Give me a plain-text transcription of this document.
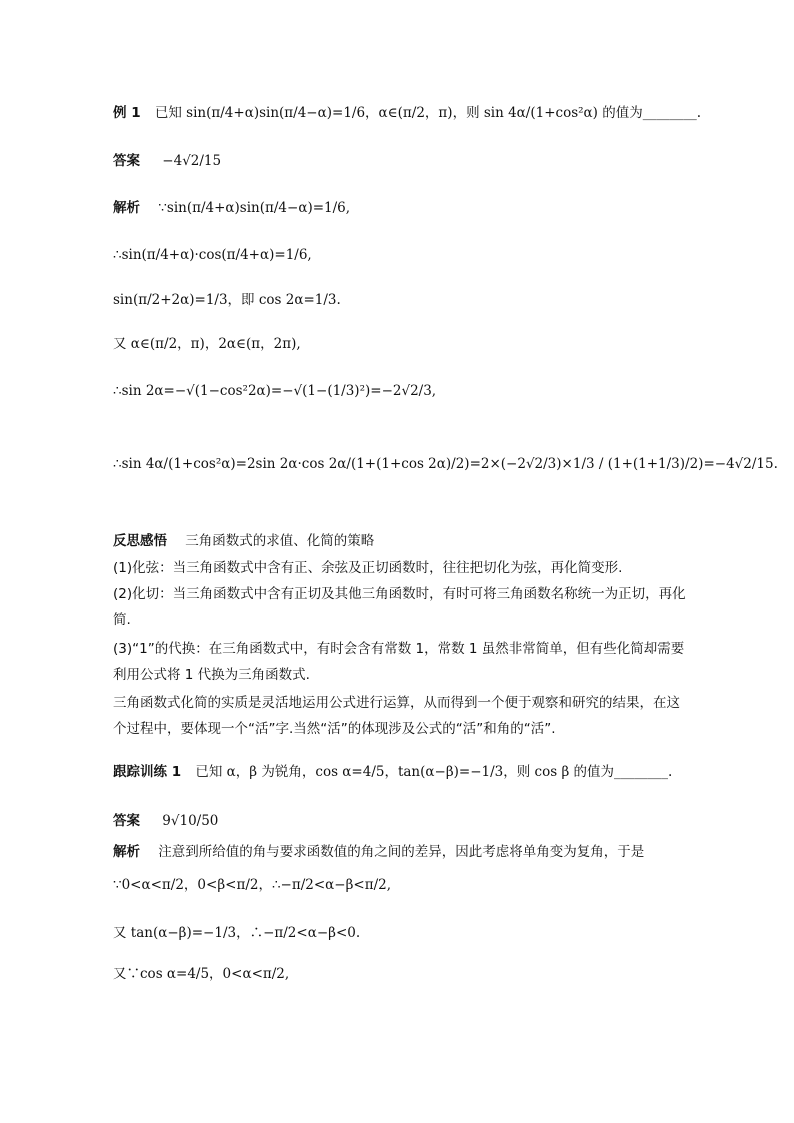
例 1 已知 sin(π/4+α)sin(π/4−α)=1/6，α∈(π/2，π)，则 sin 4α/(1+cos²α) 的值为________.
答案 −4√2/15
解析 ∵sin(π/4+α)sin(π/4−α)=1/6,
∴sin(π/4+α)·cos(π/4+α)=1/6,
sin(π/2+2α)=1/3，即 cos 2α=1/3.
又 α∈(π/2，π)，2α∈(π，2π),
∴sin 2α=−√(1−cos²2α)=−√(1−(1/3)²)=−2√2/3,
∴sin 4α/(1+cos²α)=2sin 2α·cos 2α/(1+(1+cos 2α)/2)=2×(−2√2/3)×1/3 / (1+(1+1/3)/2)=−4√2/15.
反思感悟 三角函数式的求值、化简的策略
(1)化弦：当三角函数式中含有正、余弦及正切函数时，往往把切化为弦，再化简变形.
(2)化切：当三角函数式中含有正切及其他三角函数时，有时可将三角函数名称统一为正切，再化简.
(3)“1”的代换：在三角函数式中，有时会含有常数 1，常数 1 虽然非常简单，但有些化简却需要利用公式将 1 代换为三角函数式.
三角函数式化简的实质是灵活地运用公式进行运算，从而得到一个便于观察和研究的结果，在这个过程中，要体现一个“活”字.当然“活”的体现涉及公式的“活”和角的“活”.
跟踪训练 1 已知 α，β 为锐角，cos α=4/5，tan(α−β)=−1/3，则 cos β 的值为________.
答案 9√10/50
解析 注意到所给值的角与要求函数值的角之间的差异，因此考虑将单角变为复角，于是
∵0<α<π/2，0<β<π/2，∴−π/2<α−β<π/2,
又 tan(α−β)=−1/3，∴−π/2<α−β<0.
又∵cos α=4/5，0<α<π/2,
